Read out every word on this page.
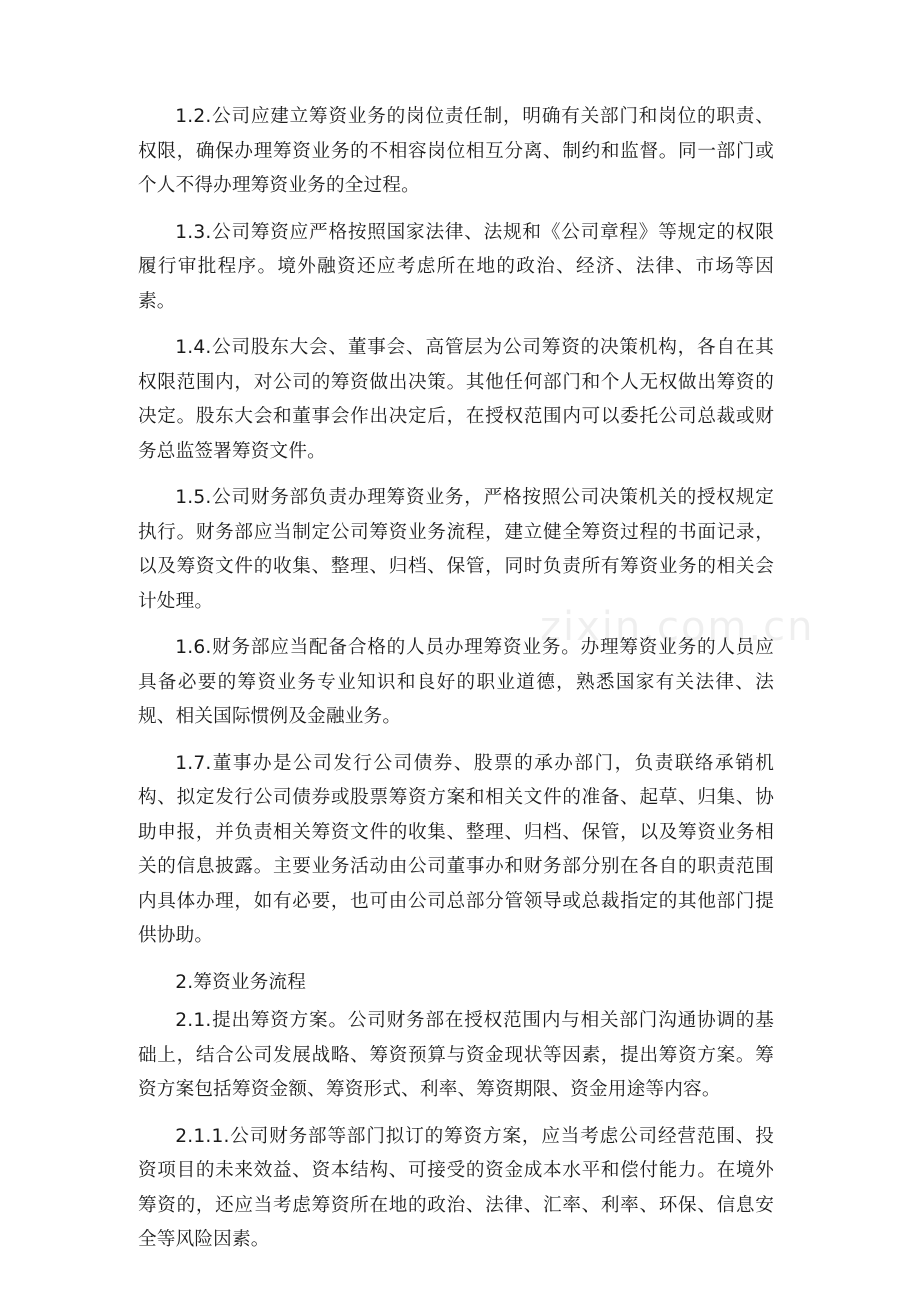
1.2.公司应建立筹资业务的岗位责任制，明确有关部门和岗位的职责、权限，确保办理筹资业务的不相容岗位相互分离、制约和监督。同一部门或个人不得办理筹资业务的全过程。

1.3.公司筹资应严格按照国家法律、法规和《公司章程》等规定的权限履行审批程序。境外融资还应考虑所在地的政治、经济、法律、市场等因素。

1.4.公司股东大会、董事会、高管层为公司筹资的决策机构，各自在其权限范围内，对公司的筹资做出决策。其他任何部门和个人无权做出筹资的决定。股东大会和董事会作出决定后，在授权范围内可以委托公司总裁或财务总监签署筹资文件。

1.5.公司财务部负责办理筹资业务，严格按照公司决策机关的授权规定执行。财务部应当制定公司筹资业务流程，建立健全筹资过程的书面记录，以及筹资文件的收集、整理、归档、保管，同时负责所有筹资业务的相关会计处理。

1.6.财务部应当配备合格的人员办理筹资业务。办理筹资业务的人员应具备必要的筹资业务专业知识和良好的职业道德，熟悉国家有关法律、法规、相关国际惯例及金融业务。

1.7.董事办是公司发行公司债券、股票的承办部门，负责联络承销机构、拟定发行公司债券或股票筹资方案和相关文件的准备、起草、归集、协助申报，并负责相关筹资文件的收集、整理、归档、保管，以及筹资业务相关的信息披露。主要业务活动由公司董事办和财务部分别在各自的职责范围内具体办理，如有必要，也可由公司总部分管领导或总裁指定的其他部门提供协助。

2.筹资业务流程

2.1.提出筹资方案。公司财务部在授权范围内与相关部门沟通协调的基础上，结合公司发展战略、筹资预算与资金现状等因素，提出筹资方案。筹资方案包括筹资金额、筹资形式、利率、筹资期限、资金用途等内容。

2.1.1.公司财务部等部门拟订的筹资方案，应当考虑公司经营范围、投资项目的未来效益、资本结构、可接受的资金成本水平和偿付能力。在境外筹资的，还应当考虑筹资所在地的政治、法律、汇率、利率、环保、信息安全等风险因素。

zixin.com.cn
